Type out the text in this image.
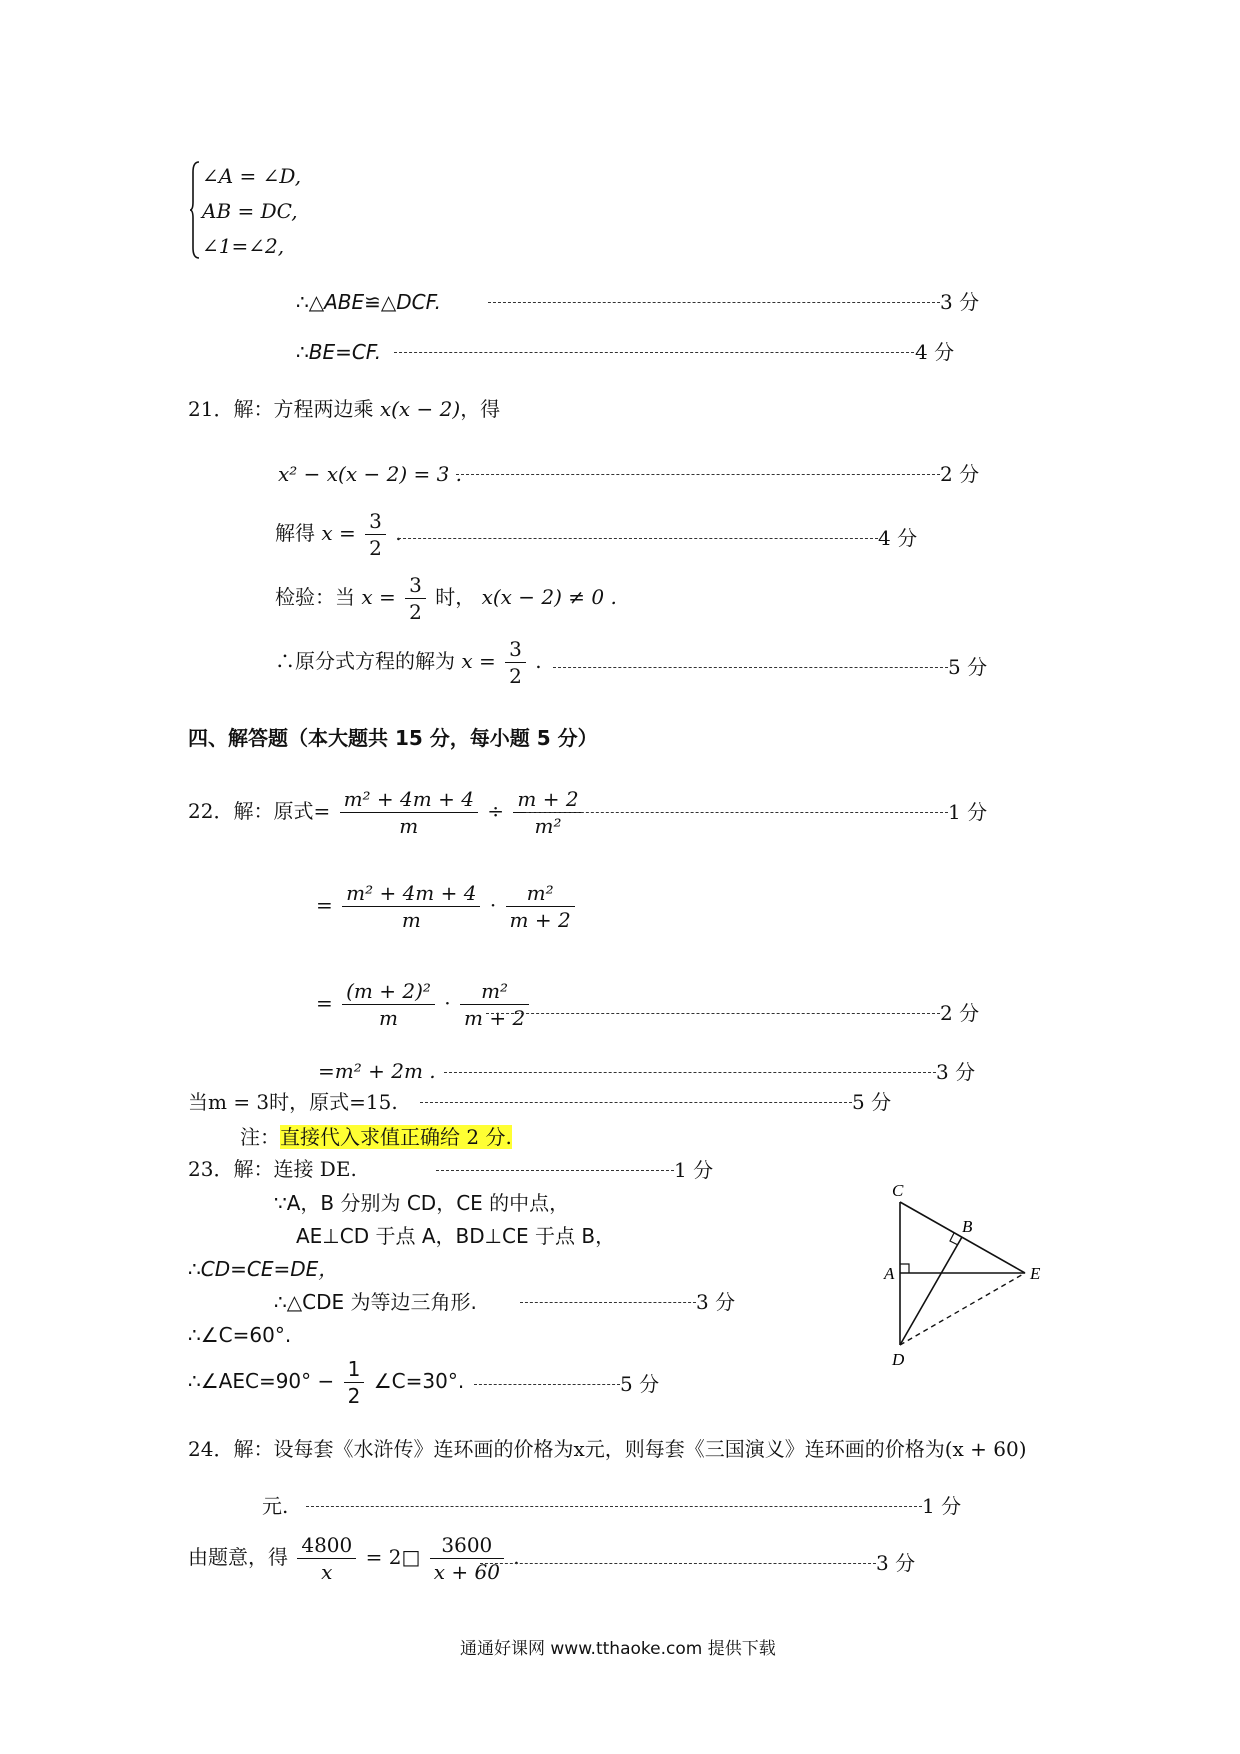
∠A = ∠D,
AB = DC,
∠1=∠2,
∴△ABE≌△DCF.	3 分
∴BE=CF.	4 分
21．解：方程两边乘 x(x − 2)，得
x² − x(x − 2) = 3 .	2 分
解得 $x = \frac{3}{2}$ .	4 分
检验：当 $x = \frac{3}{2}$ 时， x(x − 2) ≠ 0 .
∴原分式方程的解为 $x = \frac{3}{2}$ .	5 分
四、解答题（本大题共 15 分，每小题 5 分）
22．解：原式= $\frac{\text{m² + 4m + 4}}{m} \div \frac{m + 2}{\text{m²}}$	1 分
= $\frac{\text{m² + 4m + 4}}{m} \cdot \frac{\text{m²}}{m + 2}$
= $\frac{\text{(m + 2)²}}{m} \cdot \frac{\text{m²}}{m + 2}$	2 分
=m² + 2m .	3 分
当m = 3时，原式=15.	5 分
注：直接代入求值正确给 2 分.
23．解：连接 DE.	1 分
∵A，B 分别为 CD，CE 的中点，
AE⊥CD 于点 A，BD⊥CE 于点 B，
∴CD=CE=DE，
∴△CDE 为等边三角形.	3 分
∴∠C=60°.
∴∠AEC=90° − $\frac{1}{2}$ ∠C=30°.	5 分
C
B
A	E
D
24．解：设每套《水浒传》连环画的价格为x元，则每套《三国演义》连环画的价格为(x + 60)
元.	1 分
由题意，得 $\frac{4800}{x}$ = 2□ $\frac{3600}{x + 60}$ .	3 分
通通好课网 www.tthaoke.com 提供下载
